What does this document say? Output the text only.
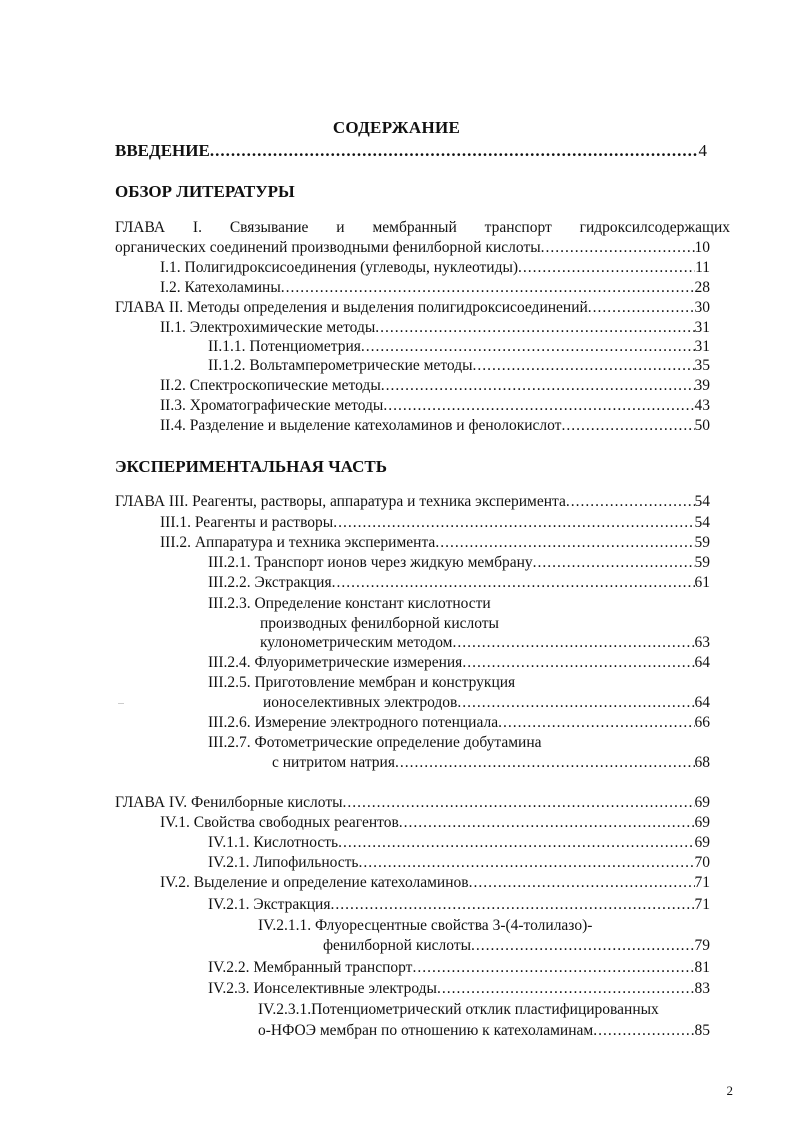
СОДЕРЖАНИЕ
ВВЕДЕНИЕ .....	4
ОБЗОР ЛИТЕРАТУРЫ
ГЛАВА I. Связывание и мембранный транспорт гидроксилсодержащих
органических соединений производными фенилборной кислоты .....	10
I.1. Полигидроксисоединения (углеводы, нуклеотиды) .....	11
I.2. Катехоламины .....	28
ГЛАВА II. Методы определения и выделения полигидроксисоединений .....	30
II.1. Электрохимические методы .....	31
II.1.1. Потенциометрия .....	31
II.1.2. Вольтамперометрические методы .....	35
II.2. Спектроскопические методы .....	39
II.3. Хроматографические методы .....	43
II.4. Разделение и выделение катехоламинов и фенолокислот .....	50
ЭКСПЕРИМЕНТАЛЬНАЯ ЧАСТЬ
ГЛАВА III. Реагенты, растворы, аппаратура и техника эксперимента .....	54
III.1. Реагенты и растворы .....	54
III.2. Аппаратура и техника эксперимента .....	59
III.2.1. Транспорт ионов через жидкую мембрану .....	59
III.2.2. Экстракция .....	61
III.2.3. Определение констант кислотности
производных фенилборной кислоты
кулонометрическим методом .....	63
III.2.4. Флуориметрические измерения .....	64
III.2.5. Приготовление мембран и конструкция
ионоселективных электродов .....	64
III.2.6. Измерение электродного потенциала .....	66
III.2.7. Фотометрические определение добутамина
с нитритом натрия .....	68
ГЛАВА IV. Фенилборные кислоты .....	69
IV.1. Свойства свободных реагентов .....	69
IV.1.1. Кислотность .....	69
IV.2.1. Липофильность .....	70
IV.2. Выделение и определение катехоламинов .....	71
IV.2.1. Экстракция .....	71
IV.2.1.1. Флуоресцентные свойства 3-(4-толилазо)-
фенилборной кислоты .....	79
IV.2.2. Мембранный транспорт .....	81
IV.2.3. Ионселективные электроды .....	83
IV.2.3.1.Потенциометрический отклик пластифицированных
о-НФОЭ мембран по отношению к катехоламинам .....	85
2
